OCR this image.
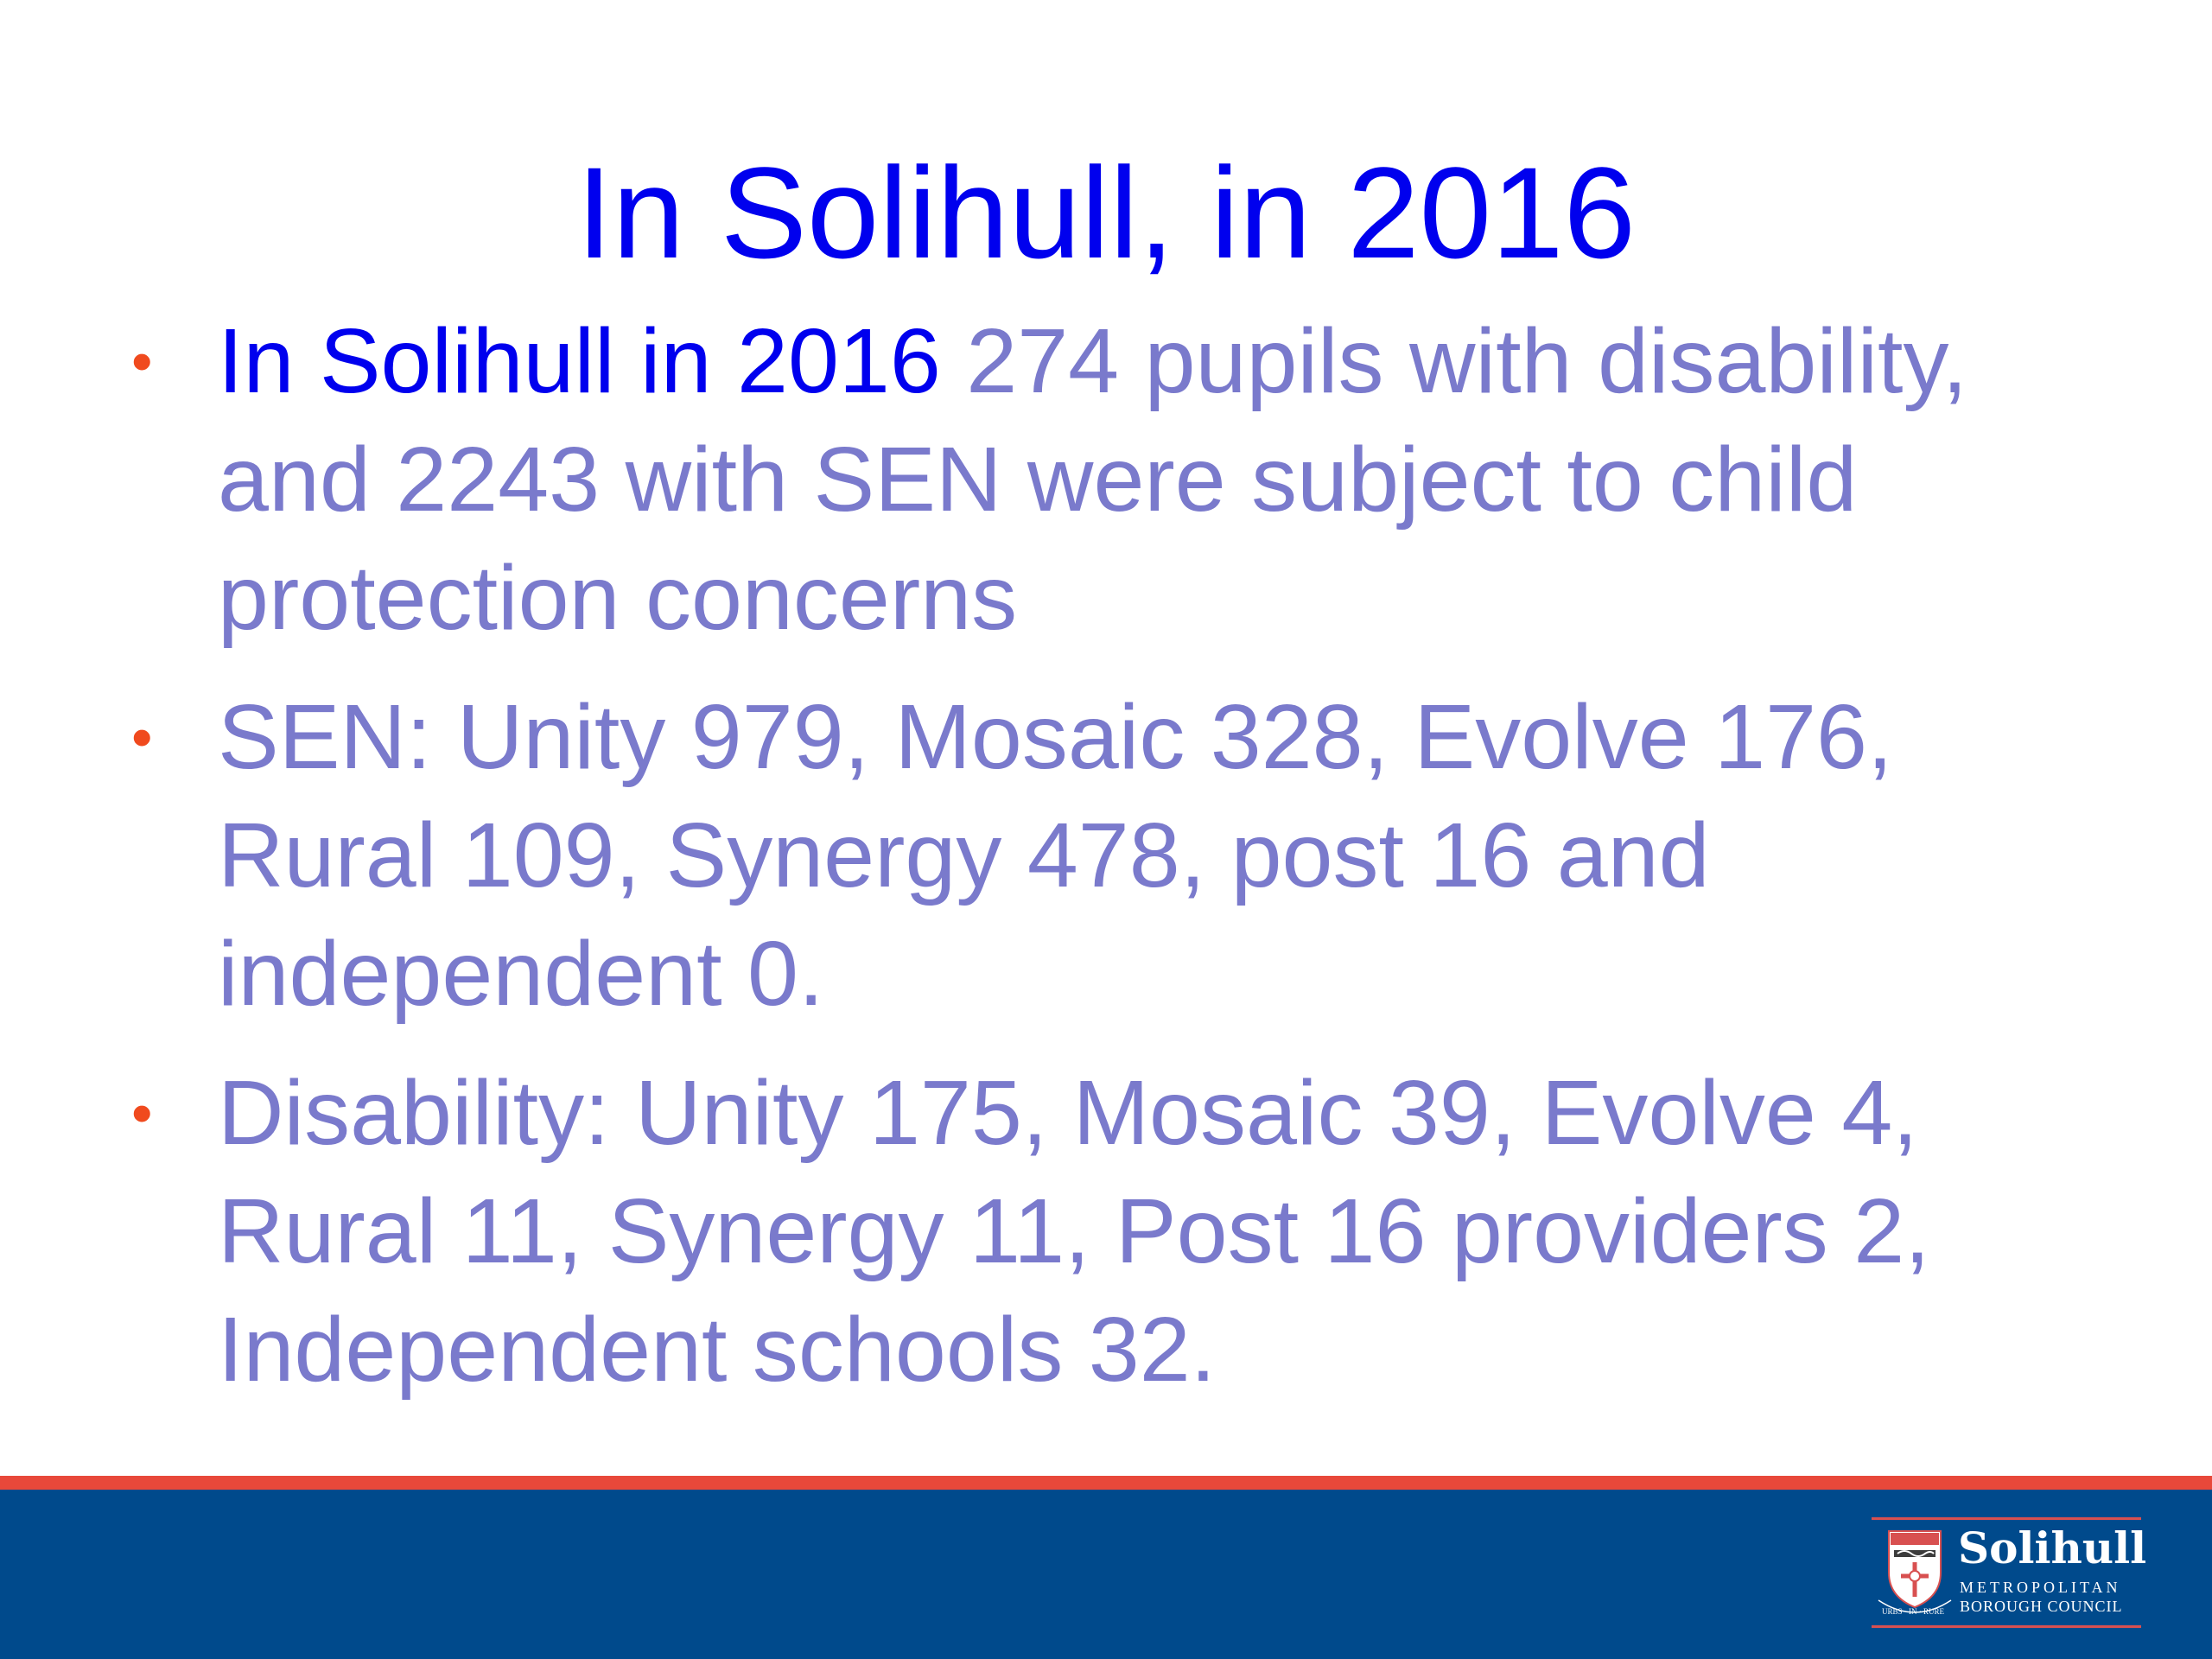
In Solihull, in 2016
• In Solihull in 2016 274 pupils with disability, and 2243 with SEN were subject to child protection concerns
• SEN: Unity 979, Mosaic 328, Evolve 176, Rural 109, Synergy 478, post 16 and independent 0.
• Disability: Unity 175, Mosaic 39, Evolve 4, Rural 11, Synergy 11, Post 16 providers 2, Independent schools 32.
URBS · IN · RURE
Solihull
METROPOLITAN
BOROUGH COUNCIL
